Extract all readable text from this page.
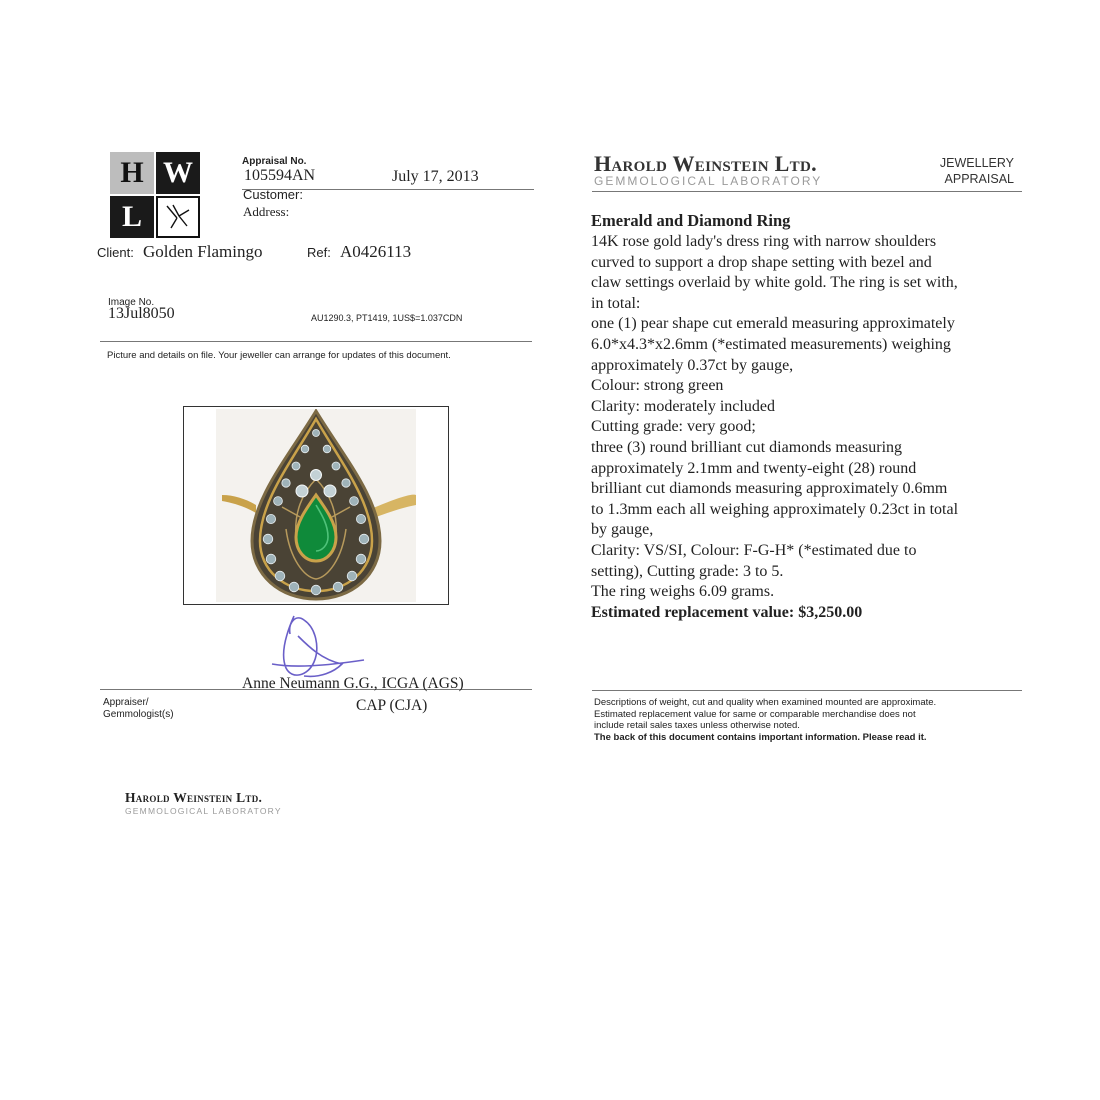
H W
L
Appraisal No.
105594AN	July 17, 2013
Customer:
Address:
Client: Golden Flamingo	Ref: A0426113
Image No.
13Jul8050	AU1290.3, PT1419, 1US$=1.037CDN
Picture and details on file. Your jeweller can arrange for updates of this document.
Anne Neumann G.G., ICGA (AGS)
CAP (CJA)
Appraiser/
Gemmologist(s)
Harold Weinstein Ltd.
GEMMOLOGICAL LABORATORY
Harold Weinstein Ltd.
GEMMOLOGICAL LABORATORY
JEWELLERY
APPRAISAL
Emerald and Diamond Ring
14K rose gold lady's dress ring with narrow shoulders
curved to support a drop shape setting with bezel and
claw settings overlaid by white gold. The ring is set with,
in total:
one (1) pear shape cut emerald measuring approximately
6.0*x4.3*x2.6mm (*estimated measurements) weighing
approximately 0.37ct by gauge,
Colour: strong green
Clarity: moderately included
Cutting grade: very good;
three (3) round brilliant cut diamonds measuring
approximately 2.1mm and twenty-eight (28) round
brilliant cut diamonds measuring approximately 0.6mm
to 1.3mm each all weighing approximately 0.23ct in total
by gauge,
Clarity: VS/SI, Colour: F-G-H* (*estimated due to
setting), Cutting grade: 3 to 5.
The ring weighs 6.09 grams.
Estimated replacement value: $3,250.00
Descriptions of weight, cut and quality when examined mounted are approximate.
Estimated replacement value for same or comparable merchandise does not
include retail sales taxes unless otherwise noted.
The back of this document contains important information. Please read it.
